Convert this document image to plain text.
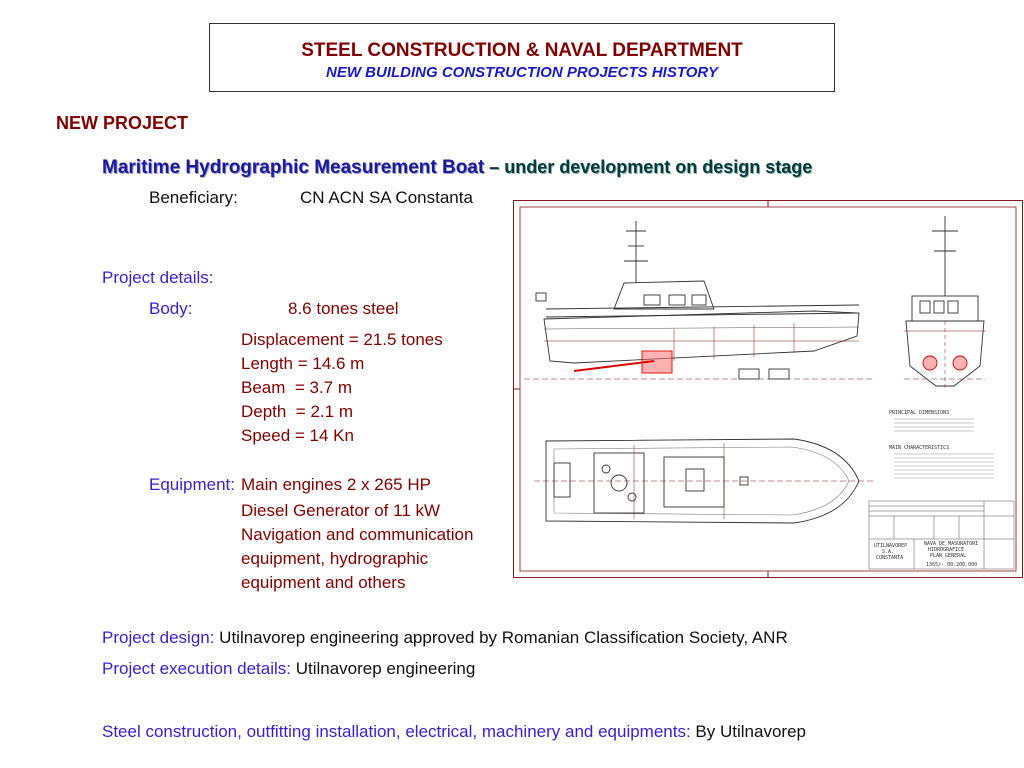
STEEL CONSTRUCTION & NAVAL DEPARTMENT
NEW BUILDING CONSTRUCTION PROJECTS HISTORY
NEW PROJECT
Maritime Hydrographic Measurement Boat – under development on design stage
Beneficiary:	CN ACN SA Constanta
Project details:
Body:	8.6 tones steel
Displacement = 21.5 tones
Length = 14.6 m
Beam  = 3.7 m
Depth  = 2.1 m
Speed = 14 Kn
Equipment: Main engines 2 x 265 HP
Diesel Generator of 11 kW
Navigation and communication
equipment, hydrographic
equipment and others
Project design: Utilnavorep engineering approved by Romanian Classification Society, ANR
Project execution details: Utilnavorep engineering
Steel construction, outfitting installation, electrical, machinery and equipments: By Utilnavorep
PRINCIPAL DIMENSIONS
MAIN CHARACTERISTICS
UTILNAVOREP
S.A.
CONSTANTA
NAVA DE MASURATORI
HIDROGRAFICE
PLAN GENERAL
1365/-.00.200.000
